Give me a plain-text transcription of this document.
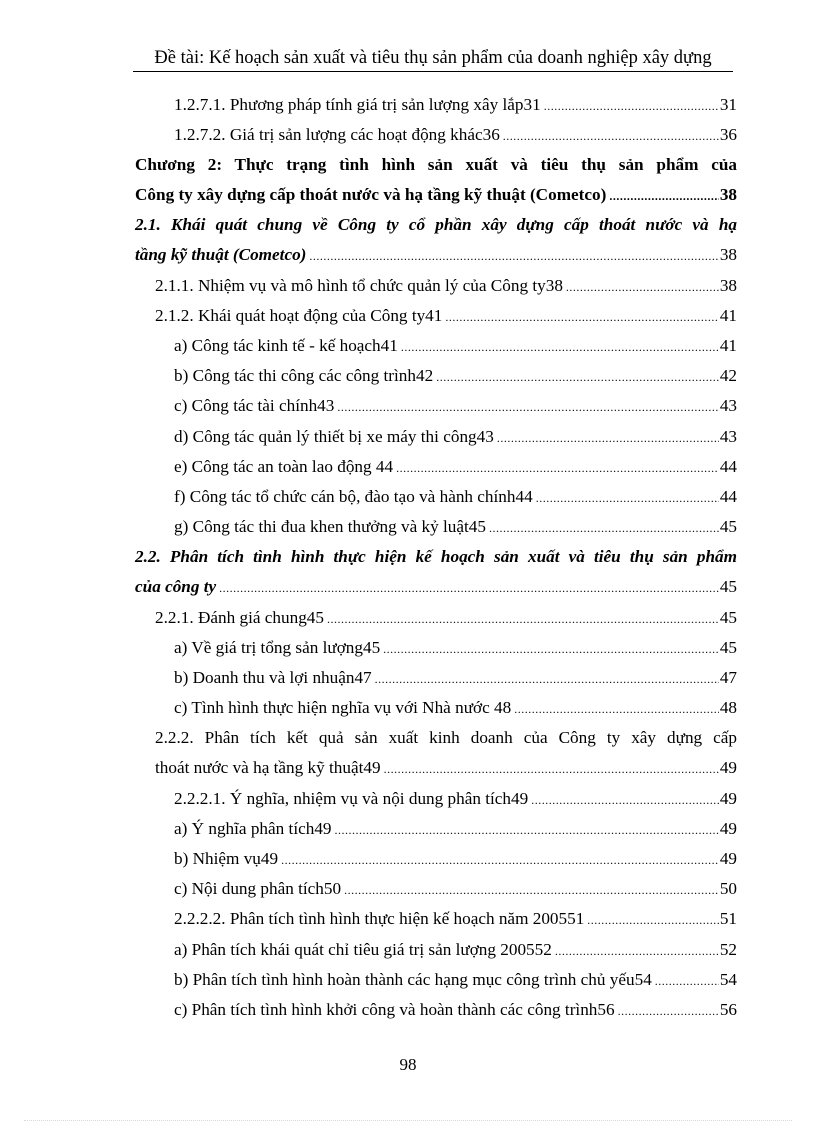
Đề tài: Kế hoạch sản xuất và tiêu thụ sản phẩm của doanh nghiệp xây dựng
1.2.7.1. Phương pháp tính giá trị sản lượng xây lắp31 .....	31
1.2.7.2. Giá trị sản lượng các hoạt động khác36 .....	36
Chương 2: Thực trạng tình hình sản xuất và tiêu thụ sản phẩm của
Công ty xây dựng cấp thoát nước và hạ tầng kỹ thuật (Cometco) .....	38
2.1. Khái quát chung về Công ty cổ phần xây dựng cấp thoát nước và hạ
tầng kỹ thuật (Cometco) .....	38
2.1.1. Nhiệm vụ và mô hình tổ chức quản lý của Công ty38 .....	38
2.1.2. Khái quát hoạt động của Công ty41 .....	41
a) Công tác kinh tế - kế hoạch41 .....	41
b) Công tác thi công các công trình42 .....	42
c) Công tác tài chính43 .....	43
d) Công tác quản lý thiết bị xe máy thi công43 .....	43
e) Công tác an toàn lao động 44 .....	44
f) Công tác tổ chức cán bộ, đào tạo và hành chính44 .....	44
g) Công tác thi đua khen thưởng và kỷ luật45 .....	45
2.2. Phân tích tình hình thực hiện kế hoạch sản xuất và tiêu thụ sản phẩm
của công ty .....	45
2.2.1. Đánh giá chung45 .....	45
a) Về giá trị tổng sản lượng45 .....	45
b) Doanh thu và lợi nhuận47 .....	47
c) Tình hình thực hiện nghĩa vụ với Nhà nước 48 .....	48
2.2.2. Phân tích kết quả sản xuất kinh doanh của Công ty xây dựng cấp
thoát nước và hạ tầng kỹ thuật49 .....	49
2.2.2.1. Ý nghĩa, nhiệm vụ và nội dung phân tích49 .....	49
a) Ý nghĩa phân tích49 .....	49
b) Nhiệm vụ49 .....	49
c) Nội dung phân tích50 .....	50
2.2.2.2. Phân tích tình hình thực hiện kế hoạch năm 200551 .....	51
a) Phân tích khái quát chỉ tiêu giá trị sản lượng 200552 .....	52
b) Phân tích tình hình hoàn thành các hạng mục công trình chủ yếu54 .....	54
c) Phân tích tình hình khởi công và hoàn thành các công trình56 .....	56
98
